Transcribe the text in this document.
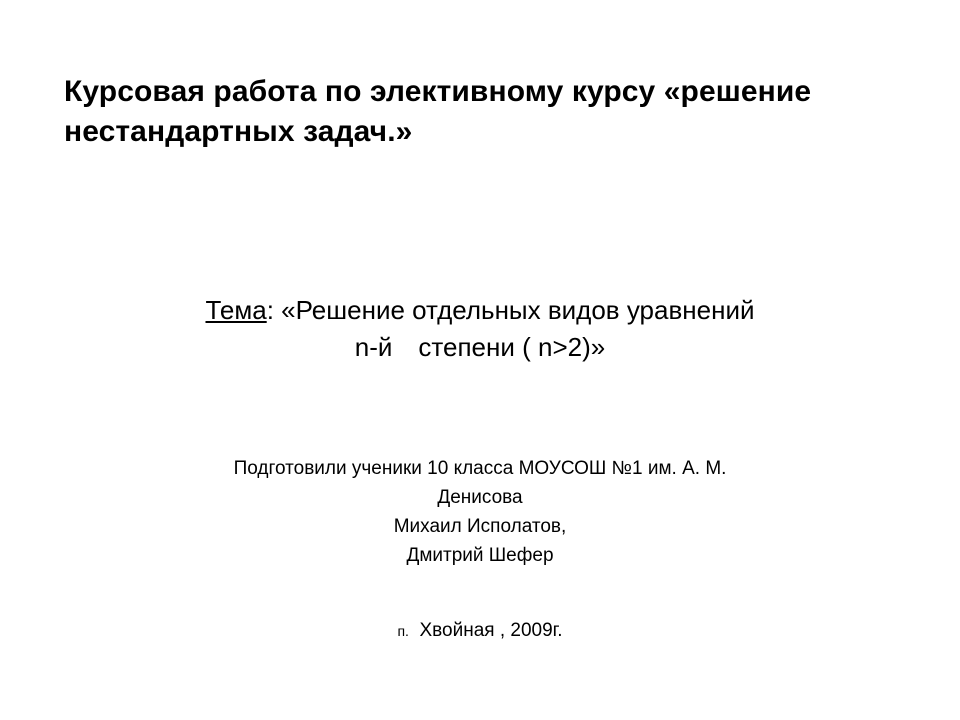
Курсовая работа по элективному курсу «решение нестандартных задач.»

Тема: «Решение отдельных видов уравнений

n-й степени ( n>2)»

Подготовили ученики 10 класса МОУСОШ №1 им. А. М.

Денисова

Михаил Исполатов,

Дмитрий Шефер

п. Хвойная , 2009г.
